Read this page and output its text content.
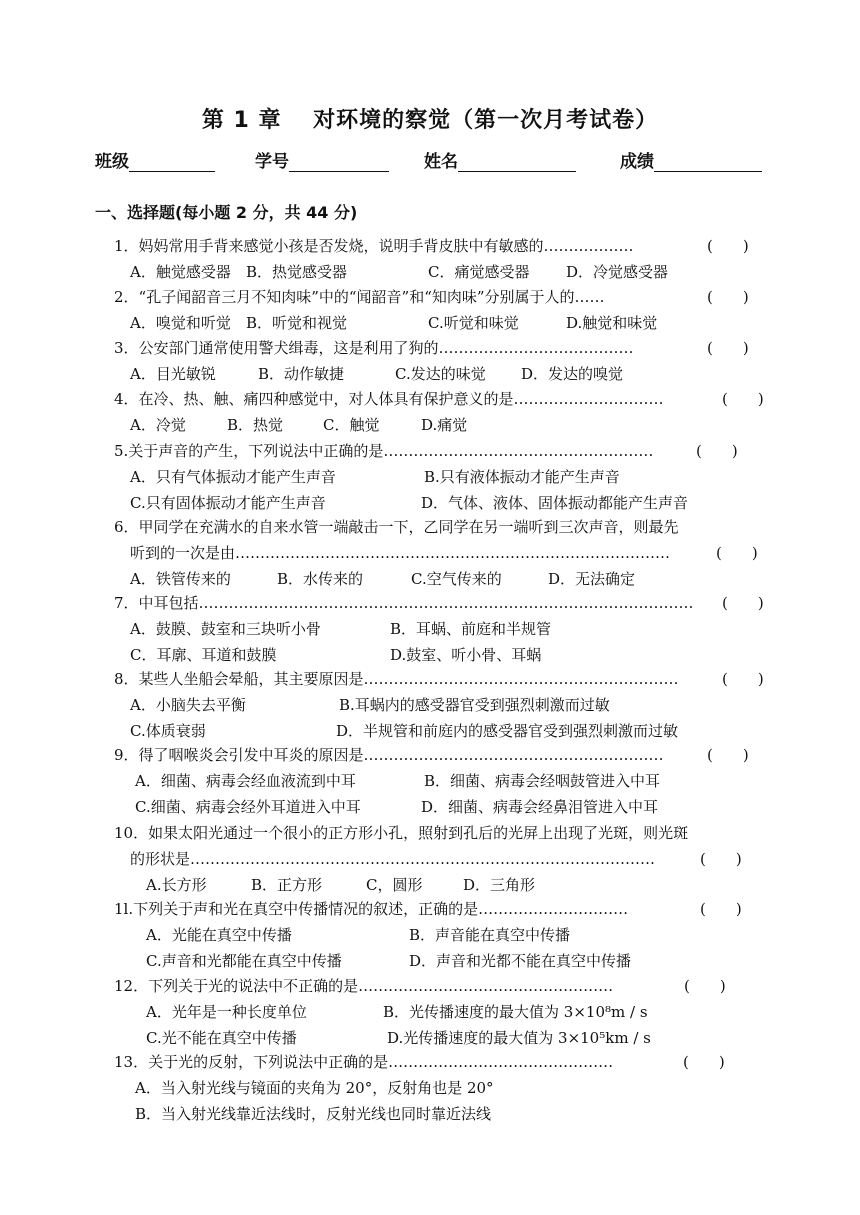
第 1 章　 对环境的察觉（第一次月考试卷）
班级	学号	姓名	成绩
一、选择题(每小题 2 分，共 44 分)
1．妈妈常用手背来感觉小孩是否发烧，说明手背皮肤中有敏感的………………	(　　)
A．触觉感受器 B．热觉感受器	C．痛觉感受器 D．冷觉感受器
2．“孔子闻韶音三月不知肉味”中的“闻韶音”和“知肉味”分别属于人的……	(　　)
A．嗅觉和听觉 B．听觉和视觉	C.听觉和味觉	D.触觉和味觉
3．公安部门通常使用警犬缉毒，这是利用了狗的…………………………………	(　　)
A．目光敏锐	B．动作敏捷	C.发达的味觉 D．发达的嗅觉
4．在冷、热、触、痛四种感觉中，对人体具有保护意义的是…………………………	(　　)
A．冷觉	B．热觉	C．触觉	D.痛觉
5.关于声音的产生，下列说法中正确的是………………………………………………	(　　)
A．只有气体振动才能产生声音	B.只有液体振动才能产生声音
C.只有固体振动才能产生声音	D．气体、液体、固体振动都能产生声音
6．甲同学在充满水的自来水管一端敲击一下，乙同学在另一端听到三次声音，则最先
听到的一次是由……………………………………………………………………………	(　　)
A．铁管传来的	B．水传来的	C.空气传来的	D．无法确定
7．中耳包括……………………………………………………………………………………… (　　)
A．鼓膜、鼓室和三块听小骨	B．耳蜗、前庭和半规管
C．耳廓、耳道和鼓膜	D.鼓室、听小骨、耳蜗
8．某些人坐船会晕船，其主要原因是………………………………………………………	(　　)
A．小脑失去平衡	B.耳蜗内的感受器官受到强烈刺激而过敏
C.体质衰弱	D．半规管和前庭内的感受器官受到强烈刺激而过敏
9．得了咽喉炎会引发中耳炎的原因是……………………………………………………	(　　)
A．细菌、病毒会经血液流到中耳	B．细菌、病毒会经咽鼓管进入中耳
C.细菌、病毒会经外耳道进入中耳	D．细菌、病毒会经鼻泪管进入中耳
10．如果太阳光通过一个很小的正方形小孔，照射到孔后的光屏上出现了光斑，则光斑
的形状是…………………………………………………………………………………	(　　)
A.长方形	B．正方形	C，圆形	D．三角形
1l.下列关于声和光在真空中传播情况的叙述，正确的是…………………………	(　　)
A．光能在真空中传播	B．声音能在真空中传播
C.声音和光都能在真空中传播	D．声音和光都不能在真空中传播
12．下列关于光的说法中不正确的是……………………………………………	(　　)
A．光年是一种长度单位	B．光传播速度的最大值为 3×10⁸m / s
C.光不能在真空中传播	D.光传播速度的最大值为 3×10⁵km / s
13．关于光的反射，下列说法中正确的是………………………………………	(　　)
A．当入射光线与镜面的夹角为 20°，反射角也是 20°
B．当入射光线靠近法线时，反射光线也同时靠近法线
